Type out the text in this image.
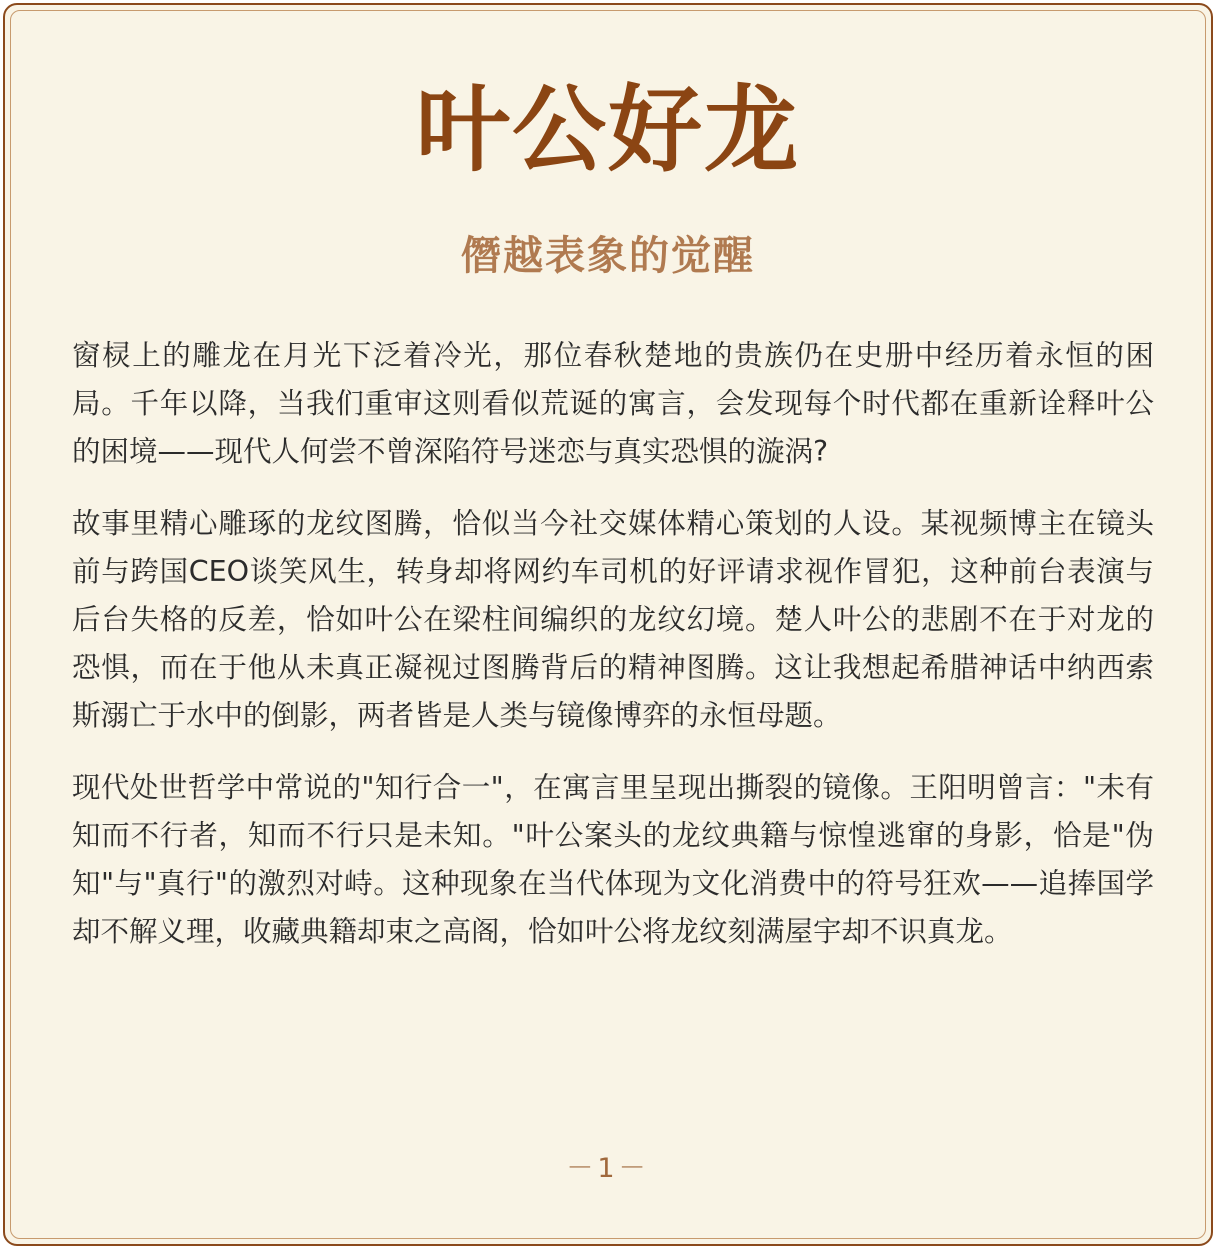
叶公好龙
僭越表象的觉醒

窗棂上的雕龙在月光下泛着冷光，那位春秋楚地的贵族仍在史册中经历着永恒的困局。千年以降，当我们重审这则看似荒诞的寓言，会发现每个时代都在重新诠释叶公的困境——现代人何尝不曾深陷符号迷恋与真实恐惧的漩涡?

故事里精心雕琢的龙纹图腾，恰似当今社交媒体精心策划的人设。某视频博主在镜头前与跨国CEO谈笑风生，转身却将网约车司机的好评请求视作冒犯，这种前台表演与后台失格的反差，恰如叶公在梁柱间编织的龙纹幻境。楚人叶公的悲剧不在于对龙的恐惧，而在于他从未真正凝视过图腾背后的精神图腾。这让我想起希腊神话中纳西索斯溺亡于水中的倒影，两者皆是人类与镜像博弈的永恒母题。

现代处世哲学中常说的"知行合一"，在寓言里呈现出撕裂的镜像。王阳明曾言："未有知而不行者，知而不行只是未知。"叶公案头的龙纹典籍与惊惶逃窜的身影，恰是"伪知"与"真行"的激烈对峙。这种现象在当代体现为文化消费中的符号狂欢——追捧国学却不解义理，收藏典籍却束之高阁，恰如叶公将龙纹刻满屋宇却不识真龙。

－1－
